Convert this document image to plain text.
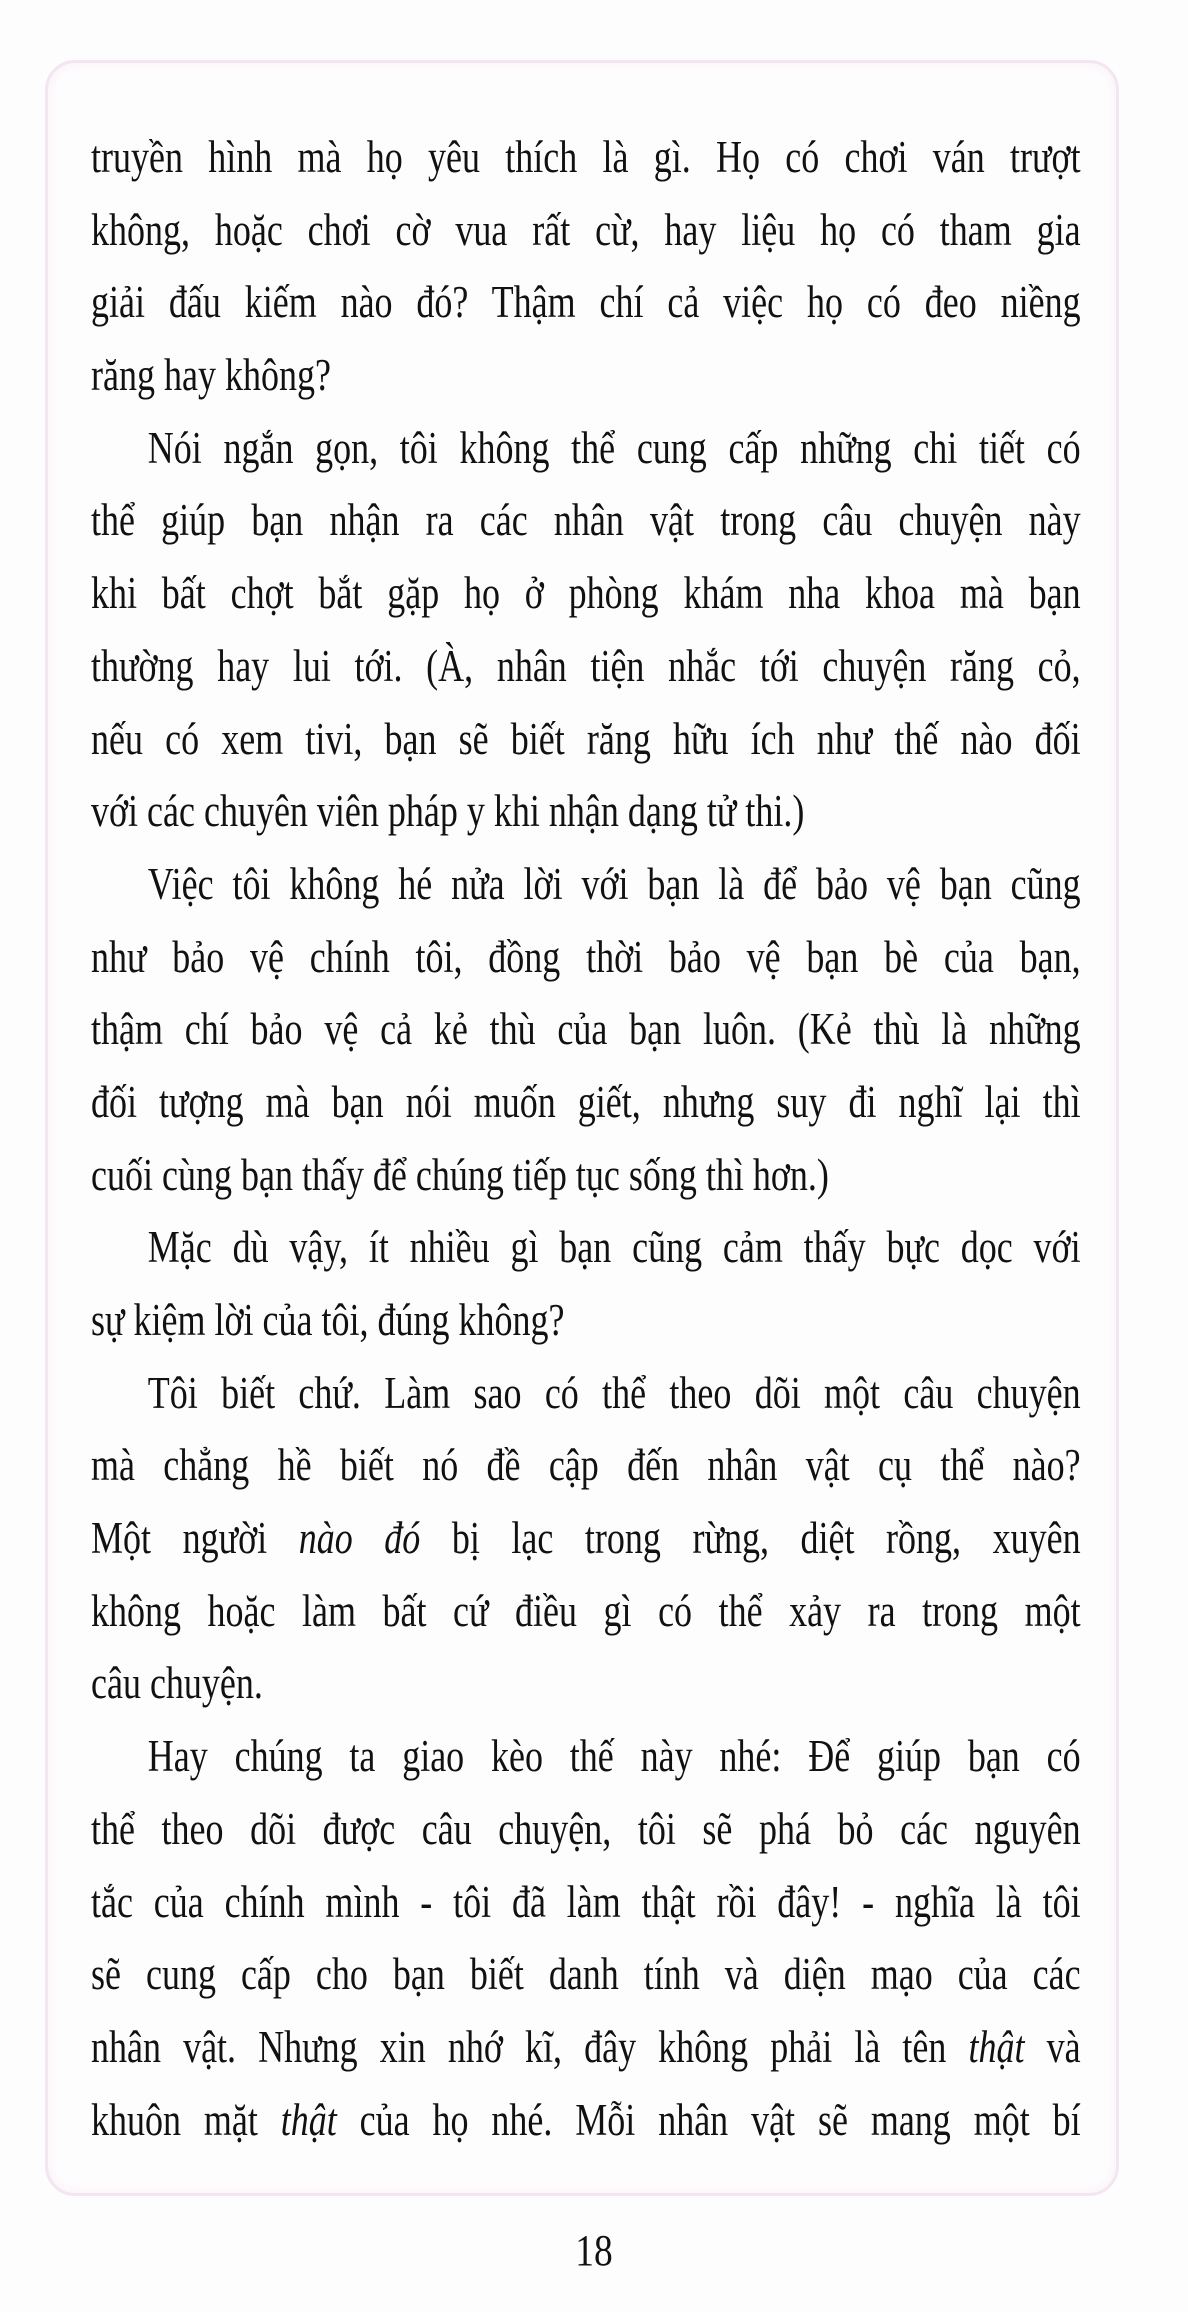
truyền hình mà họ yêu thích là gì. Họ có chơi ván trượt
không, hoặc chơi cờ vua rất cừ, hay liệu họ có tham gia
giải đấu kiếm nào đó? Thậm chí cả việc họ có đeo niềng
răng hay không?
Nói ngắn gọn, tôi không thể cung cấp những chi tiết có
thể giúp bạn nhận ra các nhân vật trong câu chuyện này
khi bất chợt bắt gặp họ ở phòng khám nha khoa mà bạn
thường hay lui tới. (À, nhân tiện nhắc tới chuyện răng cỏ,
nếu có xem tivi, bạn sẽ biết răng hữu ích như thế nào đối
với các chuyên viên pháp y khi nhận dạng tử thi.)
Việc tôi không hé nửa lời với bạn là để bảo vệ bạn cũng
như bảo vệ chính tôi, đồng thời bảo vệ bạn bè của bạn,
thậm chí bảo vệ cả kẻ thù của bạn luôn. (Kẻ thù là những
đối tượng mà bạn nói muốn giết, nhưng suy đi nghĩ lại thì
cuối cùng bạn thấy để chúng tiếp tục sống thì hơn.)
Mặc dù vậy, ít nhiều gì bạn cũng cảm thấy bực dọc với
sự kiệm lời của tôi, đúng không?
Tôi biết chứ. Làm sao có thể theo dõi một câu chuyện
mà chẳng hề biết nó đề cập đến nhân vật cụ thể nào?
Một người nào đó bị lạc trong rừng, diệt rồng, xuyên
không hoặc làm bất cứ điều gì có thể xảy ra trong một
câu chuyện.
Hay chúng ta giao kèo thế này nhé: Để giúp bạn có
thể theo dõi được câu chuyện, tôi sẽ phá bỏ các nguyên
tắc của chính mình - tôi đã làm thật rồi đây! - nghĩa là tôi
sẽ cung cấp cho bạn biết danh tính và diện mạo của các
nhân vật. Nhưng xin nhớ kĩ, đây không phải là tên thật và
khuôn mặt thật của họ nhé. Mỗi nhân vật sẽ mang một bí
18
